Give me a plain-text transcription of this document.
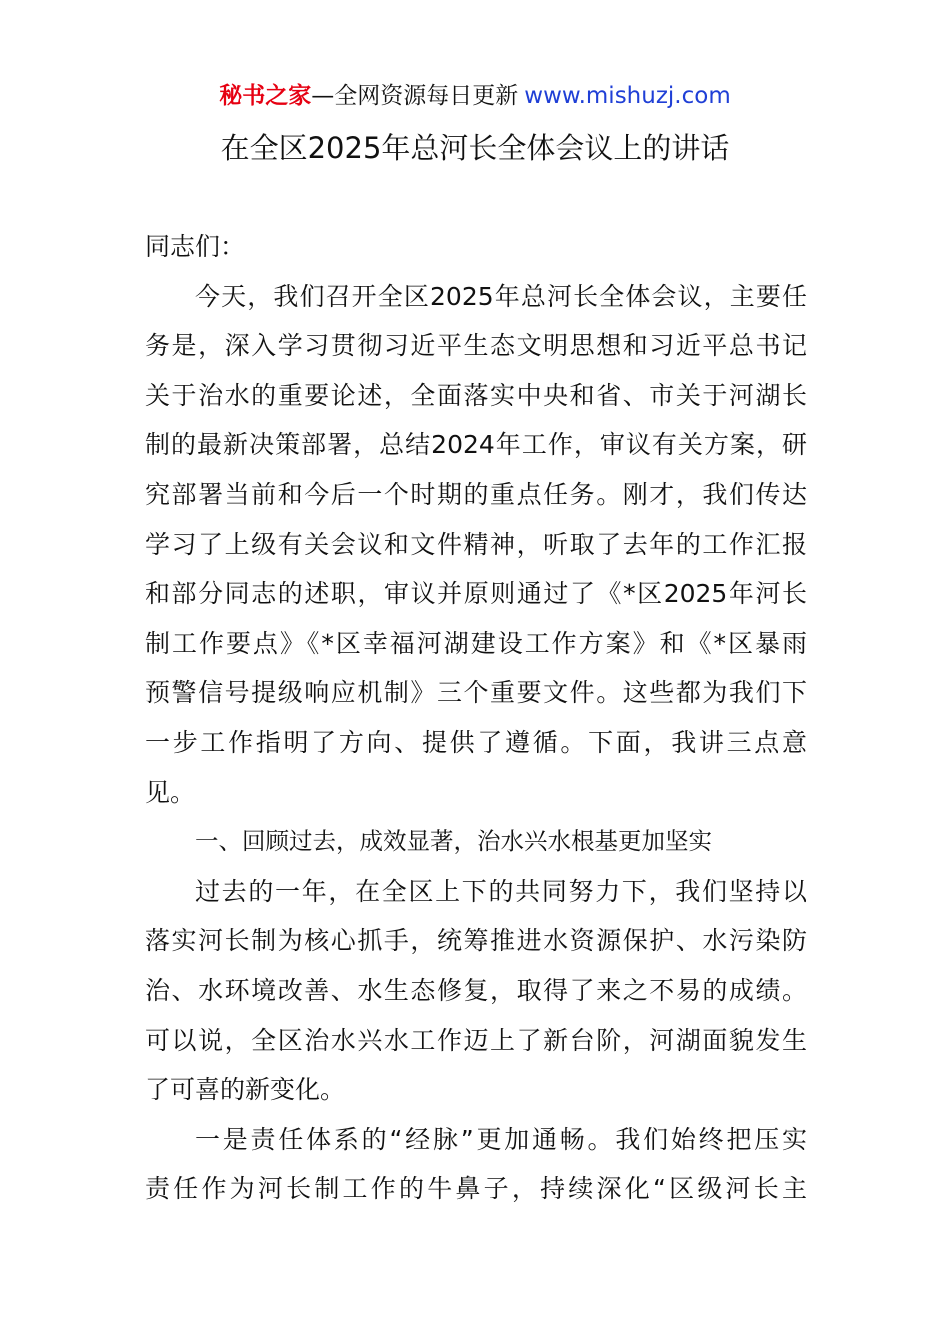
秘书之家—全网资源每日更新 www.mishuzj.com
在全区2025年总河长全体会议上的讲话
同志们：
今天，我们召开全区2025年总河长全体会议，主要任
务是，深入学习贯彻习近平生态文明思想和习近平总书记
关于治水的重要论述，全面落实中央和省、市关于河湖长
制的最新决策部署，总结2024年工作，审议有关方案，研
究部署当前和今后一个时期的重点任务。刚才，我们传达
学习了上级有关会议和文件精神，听取了去年的工作汇报
和部分同志的述职，审议并原则通过了《*区2025年河长
制工作要点》《*区幸福河湖建设工作方案》和《*区暴雨
预警信号提级响应机制》三个重要文件。这些都为我们下
一步工作指明了方向、提供了遵循。下面，我讲三点意
见。
一、回顾过去，成效显著，治水兴水根基更加坚实
过去的一年，在全区上下的共同努力下，我们坚持以
落实河长制为核心抓手，统筹推进水资源保护、水污染防
治、水环境改善、水生态修复，取得了来之不易的成绩。
可以说，全区治水兴水工作迈上了新台阶，河湖面貌发生
了可喜的新变化。
一是责任体系的“经脉”更加通畅。我们始终把压实
责任作为河长制工作的牛鼻子，持续深化“区级河长主
